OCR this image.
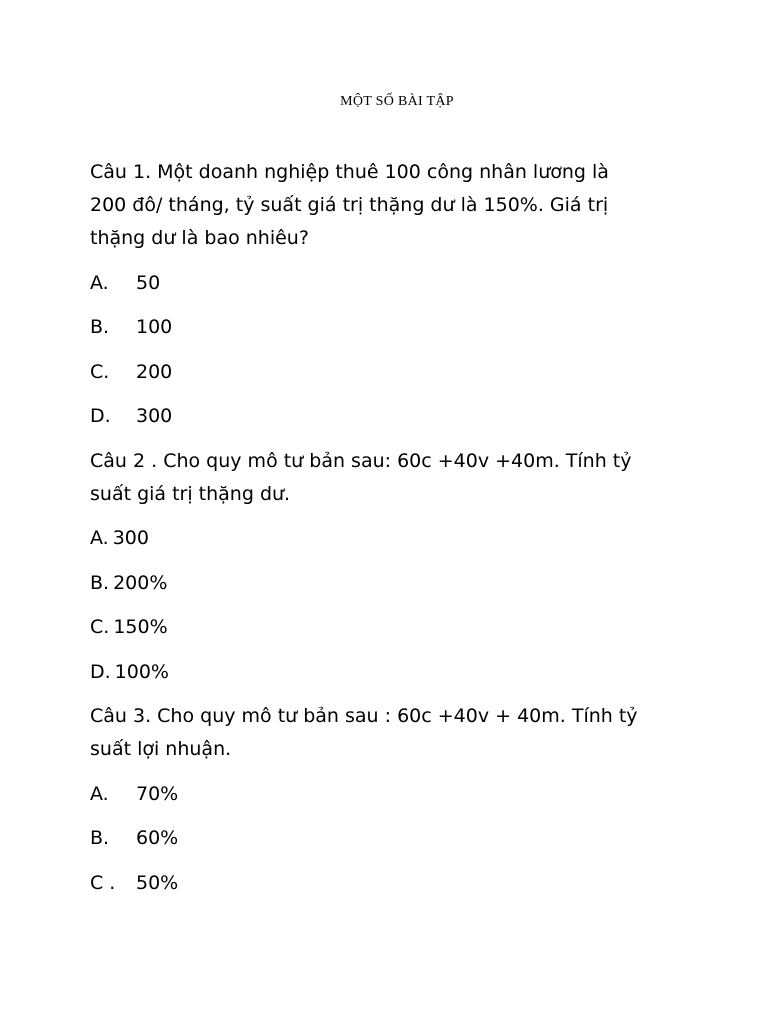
MỘT SỐ BÀI TẬP
Câu 1. Một doanh nghiệp thuê 100 công nhân lương là
200 đô/ tháng, tỷ suất giá trị thặng dư là 150%. Giá trị
thặng dư là bao nhiêu?
A. 50
B. 100
C. 200
D. 300
Câu 2 . Cho quy mô tư bản sau: 60c +40v +40m. Tính tỷ
suất giá trị thặng dư.
A. 300
B. 200%
C. 150%
D. 100%
Câu 3. Cho quy mô tư bản sau : 60c +40v + 40m. Tính tỷ
suất lợi nhuận.
A. 70%
B. 60%
C . 50%
